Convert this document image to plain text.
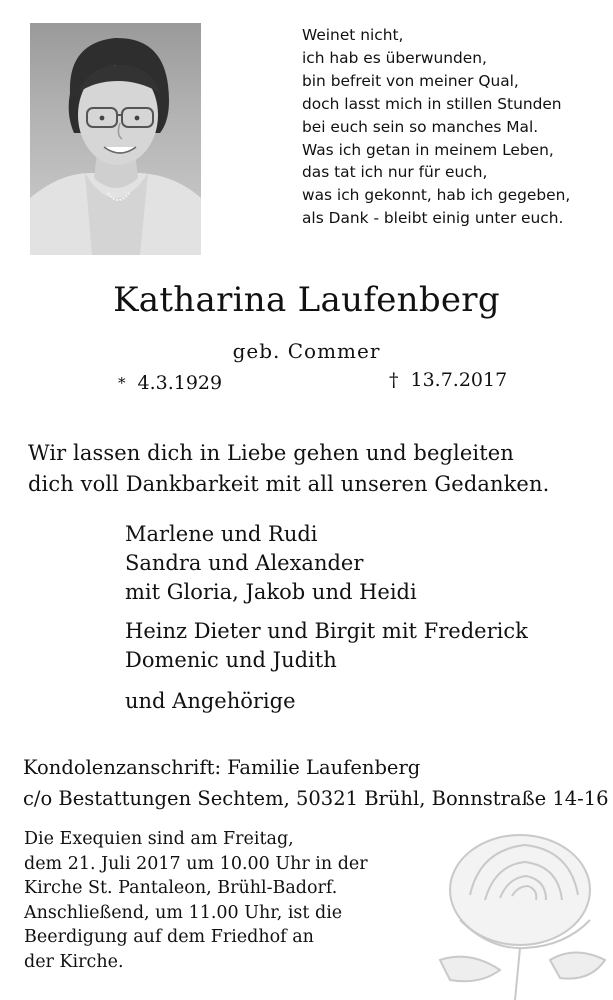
Weinet nicht,
ich hab es überwunden,
bin befreit von meiner Qual,
doch lasst mich in stillen Stunden
bei euch sein so manches Mal.
Was ich getan in meinem Leben,
das tat ich nur für euch,
was ich gekonnt, hab ich gegeben,
als Dank - bleibt einig unter euch.
Katharina Laufenberg
geb. Commer
* 4.3.1929	† 13.7.2017
Wir lassen dich in Liebe gehen und begleiten
dich voll Dankbarkeit mit all unseren Gedanken.
Marlene und Rudi
Sandra und Alexander
mit Gloria, Jakob und Heidi
Heinz Dieter und Birgit mit Frederick
Domenic und Judith
und Angehörige
Kondolenzanschrift: Familie Laufenberg
c/o Bestattungen Sechtem, 50321 Brühl, Bonnstraße 14-16
Die Exequien sind am Freitag,
dem 21. Juli 2017 um 10.00 Uhr in der
Kirche St. Pantaleon, Brühl-Badorf.
Anschließend, um 11.00 Uhr, ist die
Beerdigung auf dem Friedhof an
der Kirche.
